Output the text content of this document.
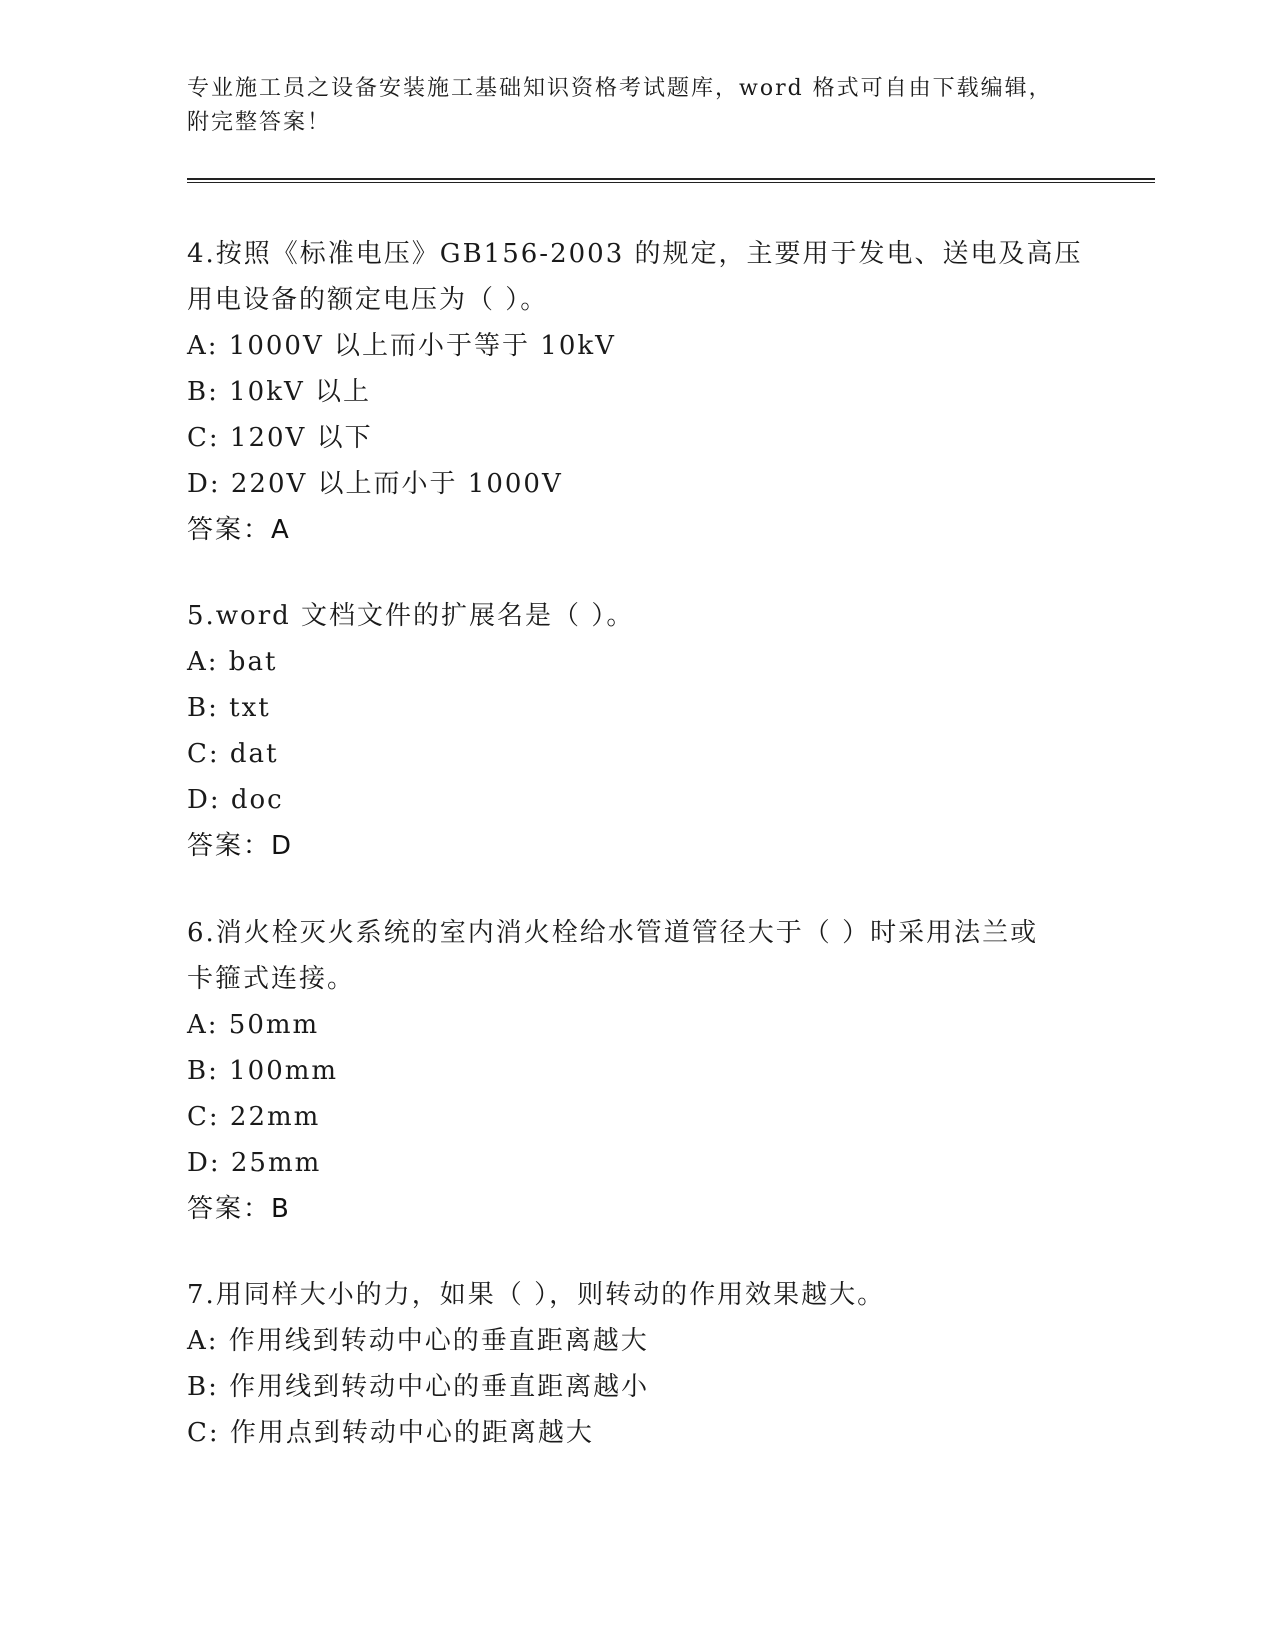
专业施工员之设备安装施工基础知识资格考试题库，word 格式可自由下载编辑，
附完整答案！
4.按照《标准电压》GB156-2003 的规定，主要用于发电、送电及高压
用电设备的额定电压为（ ）。
A: 1000V 以上而小于等于 10kV
B: 10kV 以上
C: 120V 以下
D: 220V 以上而小于 1000V
答案：A
5.word 文档文件的扩展名是（ ）。
A: bat
B: txt
C: dat
D: doc
答案：D
6.消火栓灭火系统的室内消火栓给水管道管径大于（ ）时采用法兰或
卡箍式连接。
A: 50mm
B: 100mm
C: 22mm
D: 25mm
答案：B
7.用同样大小的力，如果（ ），则转动的作用效果越大。
A: 作用线到转动中心的垂直距离越大
B: 作用线到转动中心的垂直距离越小
C: 作用点到转动中心的距离越大
